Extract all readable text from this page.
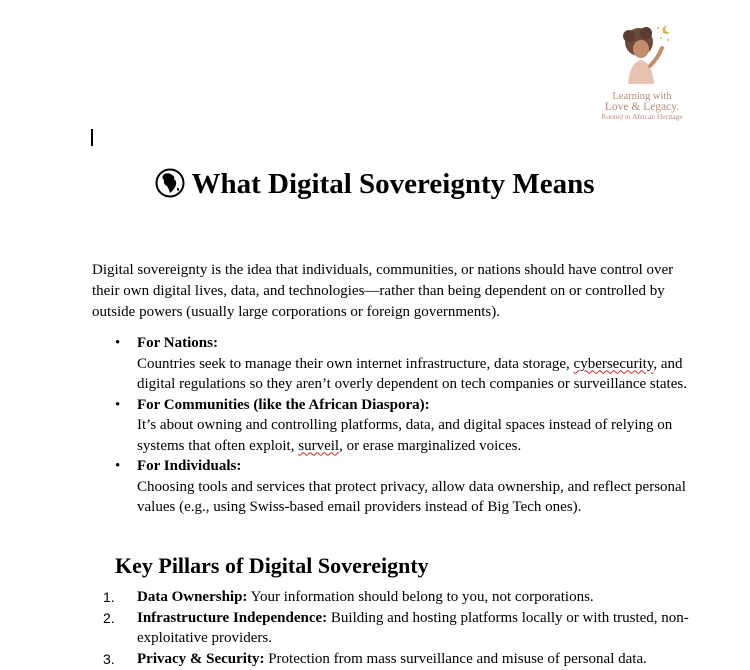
Learning with
Love & Legacy.
Rooted in African Heritage
What Digital Sovereignty Means

Digital sovereignty is the idea that individuals, communities, or nations should have control over their own digital lives, data, and technologies—rather than being dependent on or controlled by outside powers (usually large corporations or foreign governments).

• For Nations:
Countries seek to manage their own internet infrastructure, data storage, cybersecurity, and digital regulations so they aren’t overly dependent on tech companies or surveillance states.
• For Communities (like the African Diaspora):
It’s about owning and controlling platforms, data, and digital spaces instead of relying on systems that often exploit, surveil, or erase marginalized voices.
• For Individuals:
Choosing tools and services that protect privacy, allow data ownership, and reflect personal values (e.g., using Swiss-based email providers instead of Big Tech ones).
Key Pillars of Digital Sovereignty
1. Data Ownership: Your information should belong to you, not corporations.
2. Infrastructure Independence: Building and hosting platforms locally or with trusted, non-exploitative providers.
3. Privacy & Security: Protection from mass surveillance and misuse of personal data.
